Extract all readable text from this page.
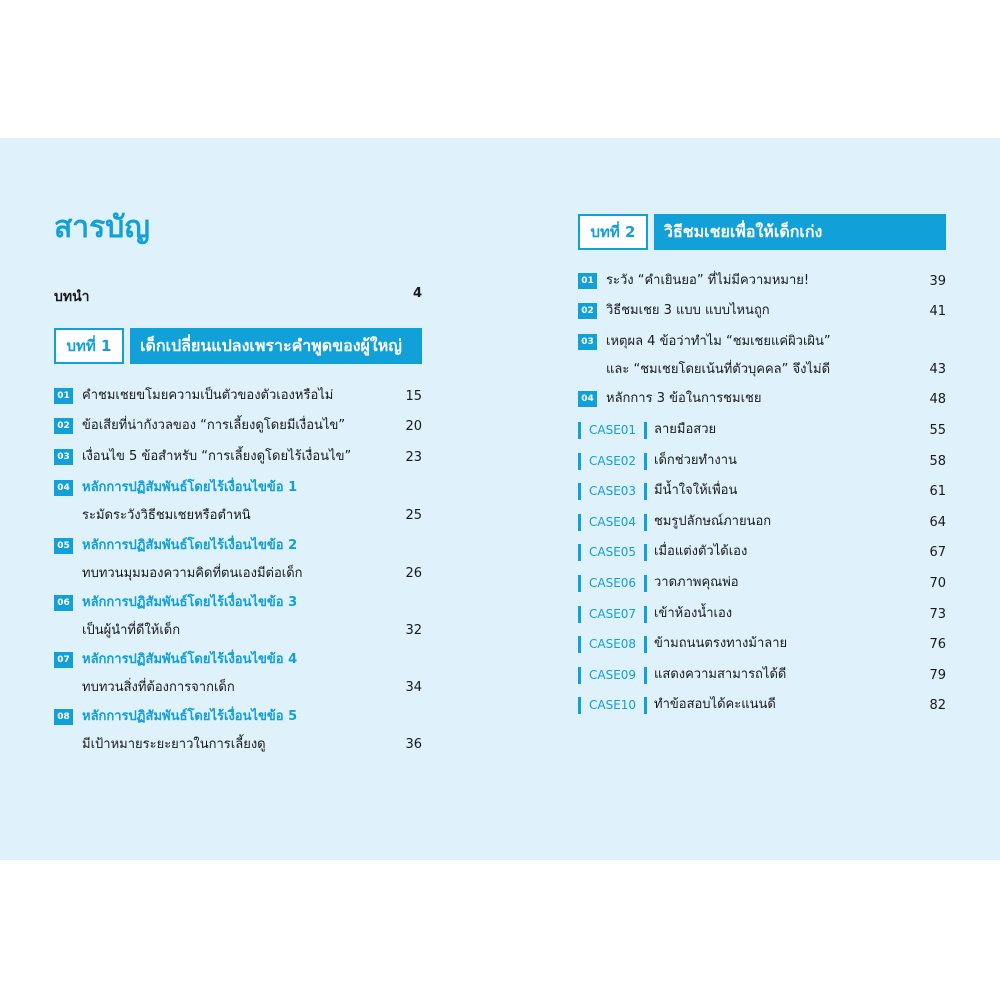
สารบัญ
บทนำ	4
บทที่ 1	เด็กเปลี่ยนแปลงเพราะคำพูดของผู้ใหญ่
01 คำชมเชยขโมยความเป็นตัวของตัวเองหรือไม่	15
02 ข้อเสียที่น่ากังวลของ “การเลี้ยงดูโดยมีเงื่อนไข”	20
03 เงื่อนไข 5 ข้อสำหรับ “การเลี้ยงดูโดยไร้เงื่อนไข”	23
04 หลักการปฏิสัมพันธ์โดยไร้เงื่อนไขข้อ 1
ระมัดระวังวิธีชมเชยหรือตำหนิ	25
05 หลักการปฏิสัมพันธ์โดยไร้เงื่อนไขข้อ 2
ทบทวนมุมมองความคิดที่ตนเองมีต่อเด็ก	26
06 หลักการปฏิสัมพันธ์โดยไร้เงื่อนไขข้อ 3
เป็นผู้นำที่ดีให้เด็ก	32
07 หลักการปฏิสัมพันธ์โดยไร้เงื่อนไขข้อ 4
ทบทวนสิ่งที่ต้องการจากเด็ก	34
08 หลักการปฏิสัมพันธ์โดยไร้เงื่อนไขข้อ 5
มีเป้าหมายระยะยาวในการเลี้ยงดู	36
บทที่ 2	วิธีชมเชยเพื่อให้เด็กเก่ง
01 ระวัง “คำเยินยอ” ที่ไม่มีความหมาย!	39
02 วิธีชมเชย 3 แบบ แบบไหนถูก	41
03 เหตุผล 4 ข้อว่าทำไม “ชมเชยแค่ผิวเผิน”
และ “ชมเชยโดยเน้นที่ตัวบุคคล” จึงไม่ดี	43
04 หลักการ 3 ข้อในการชมเชย	48
CASE01 ลายมือสวย	55
CASE02 เด็กช่วยทำงาน	58
CASE03 มีน้ำใจให้เพื่อน	61
CASE04 ชมรูปลักษณ์ภายนอก	64
CASE05 เมื่อแต่งตัวได้เอง	67
CASE06 วาดภาพคุณพ่อ	70
CASE07 เข้าห้องน้ำเอง	73
CASE08 ข้ามถนนตรงทางม้าลาย	76
CASE09 แสดงความสามารถได้ดี	79
CASE10 ทำข้อสอบได้คะแนนดี	82
